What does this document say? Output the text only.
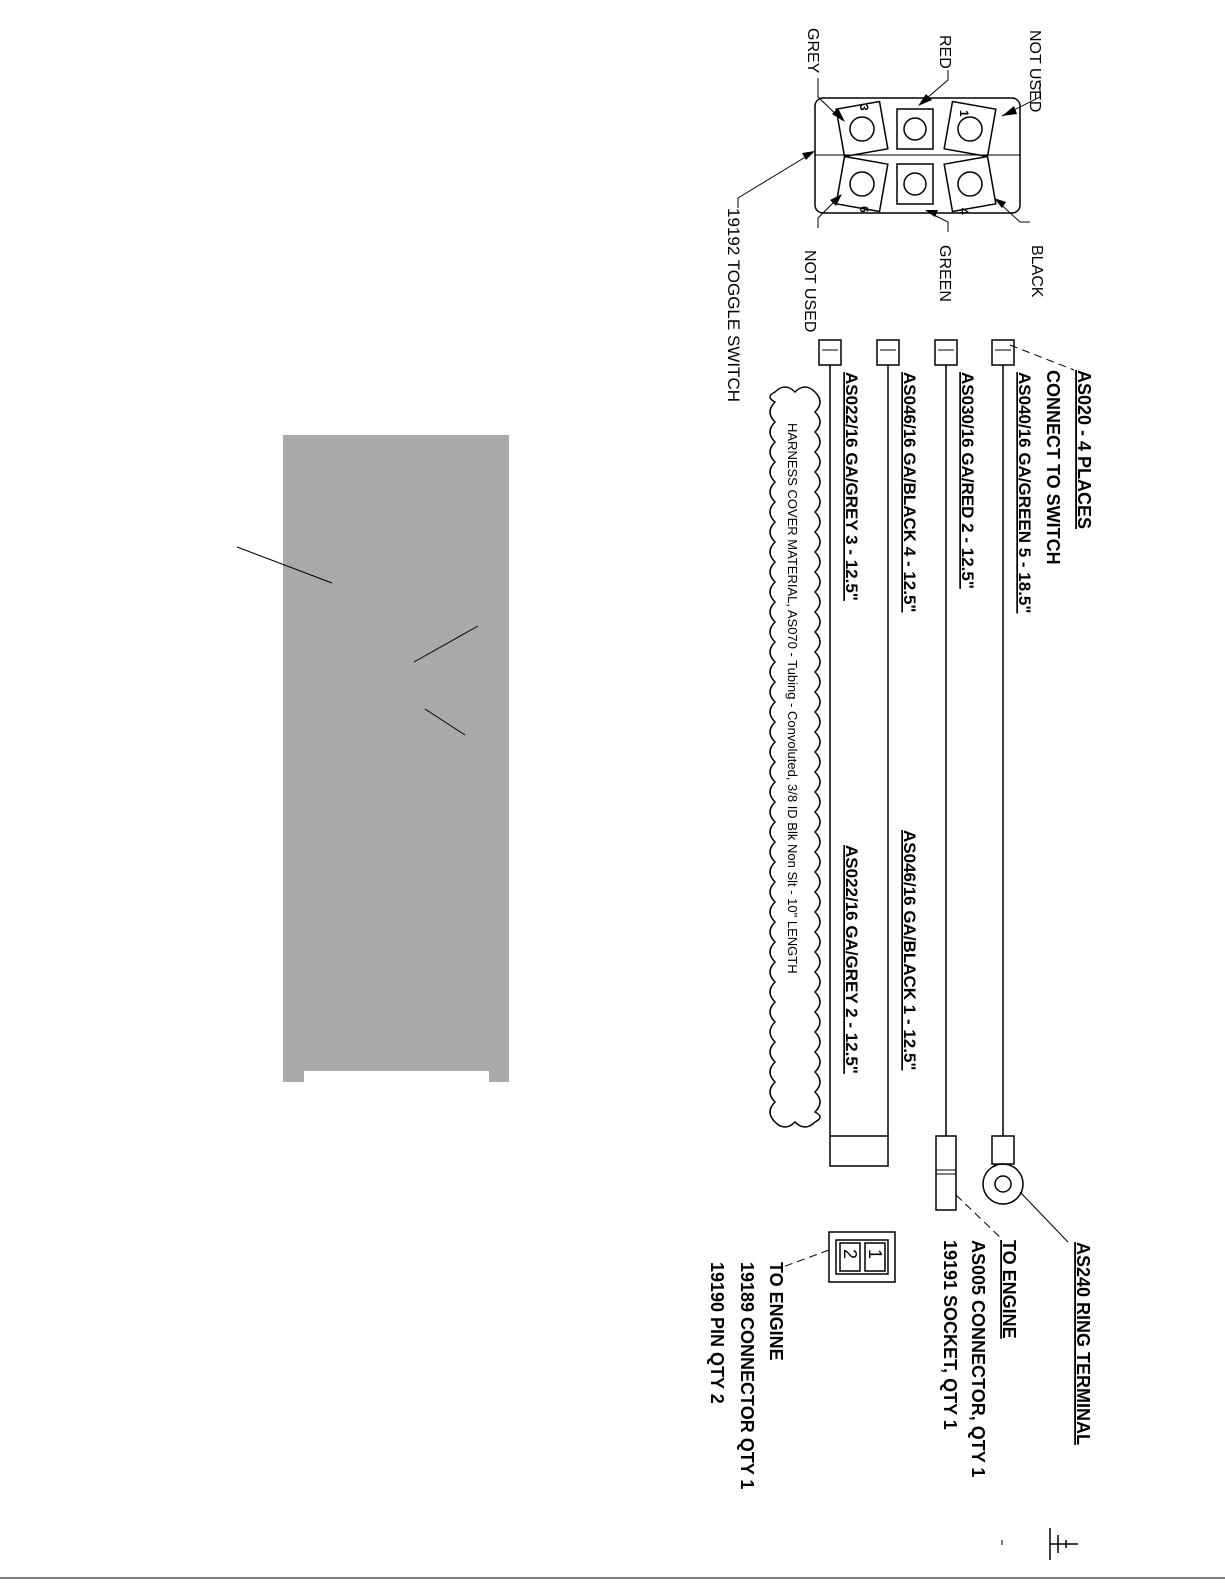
1
3
4
6
NOT USED
RED
GREY
BLACK
GREEN
NOT USED
19192 TOGGLE SWITCH
AS020 - 4 PLACES
CONNECT TO SWITCH
AS040/16 GA/GREEN 5 - 18.5"
AS030/16 GA/RED 2 - 12.5"
AS046/16 GA/BLACK 4 - 12.5"
AS046/16 GA/BLACK 1 - 12.5"
AS022/16 GA/GREY 3 - 12.5"
AS022/16 GA/GREY 2 - 12.5"
HARNESS COVER MATERIAL, AS070 - Tubing - Convoluted, 3/8 ID Blk Non Slt - 10" LENGTH
AS240 RING TERMINAL
TO ENGINE
AS005 CONNECTOR, QTY 1
19191 SOCKET, QTY 1
1
2
TO ENGINE
19189 CONNECTOR QTY 1
19190 PIN QTY 2
